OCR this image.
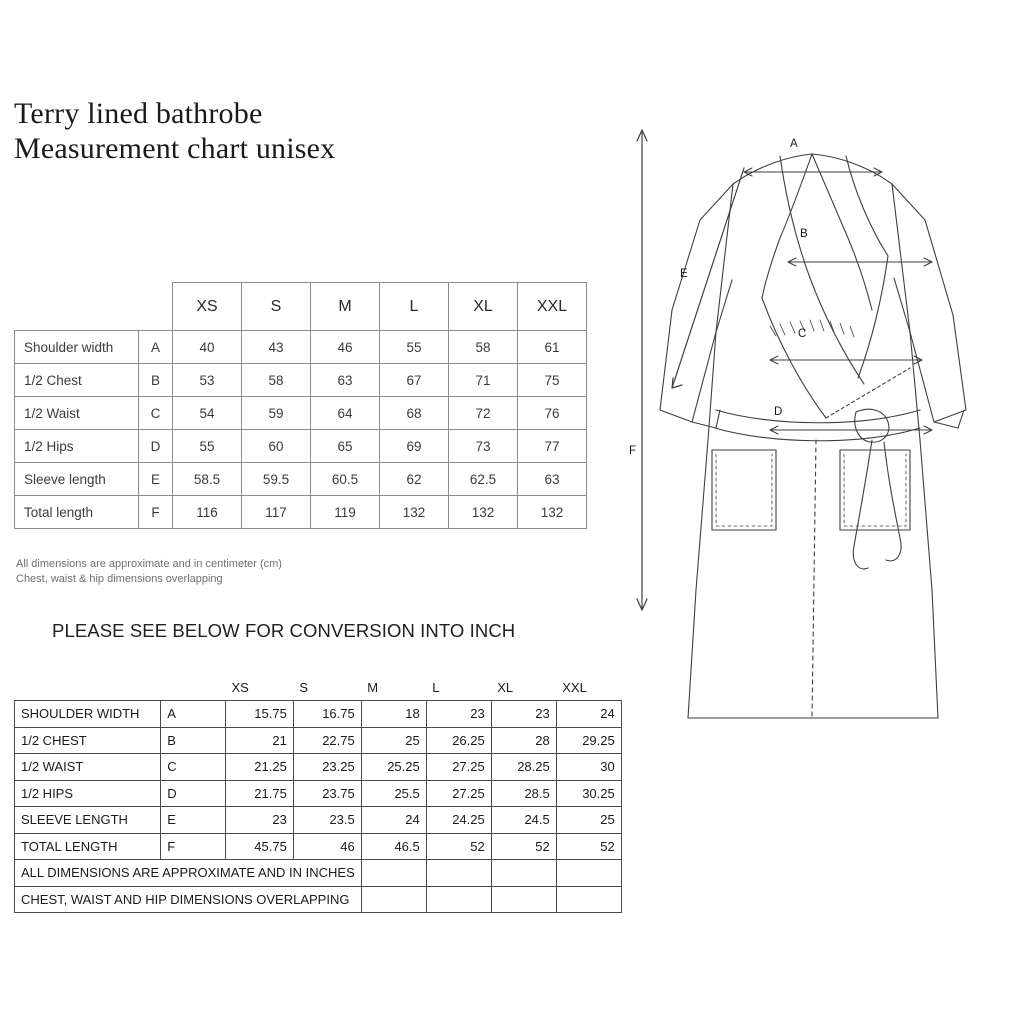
Terry lined bathrobe
Measurement chart unisex
		XS	S	M	L	XL	XXL
Shoulder width	A	40	43	46	55	58	61
1/2 Chest	B	53	58	63	67	71	75
1/2 Waist	C	54	59	64	68	72	76
1/2 Hips	D	55	60	65	69	73	77
Sleeve length	E	58.5	59.5	60.5	62	62.5	63
Total length	F	116	117	119	132	132	132
All dimensions are approximate and in centimeter (cm)
Chest, waist & hip dimensions overlapping
PLEASE SEE BELOW FOR CONVERSION INTO INCH
		XS	S	M	L	XL	XXL
SHOULDER WIDTH	A	15.75	16.75	18	23	23	24
1/2 CHEST	B	21	22.75	25	26.25	28	29.25
1/2 WAIST	C	21.25	23.25	25.25	27.25	28.25	30
1/2 HIPS	D	21.75	23.75	25.5	27.25	28.5	30.25
SLEEVE LENGTH	E	23	23.5	24	24.25	24.5	25
TOTAL LENGTH	F	45.75	46	46.5	52	52	52
ALL DIMENSIONS ARE APPROXIMATE AND IN INCHES							
CHEST, WAIST AND HIP DIMENSIONS OVERLAPPING							
A
B
C
D
E
F
